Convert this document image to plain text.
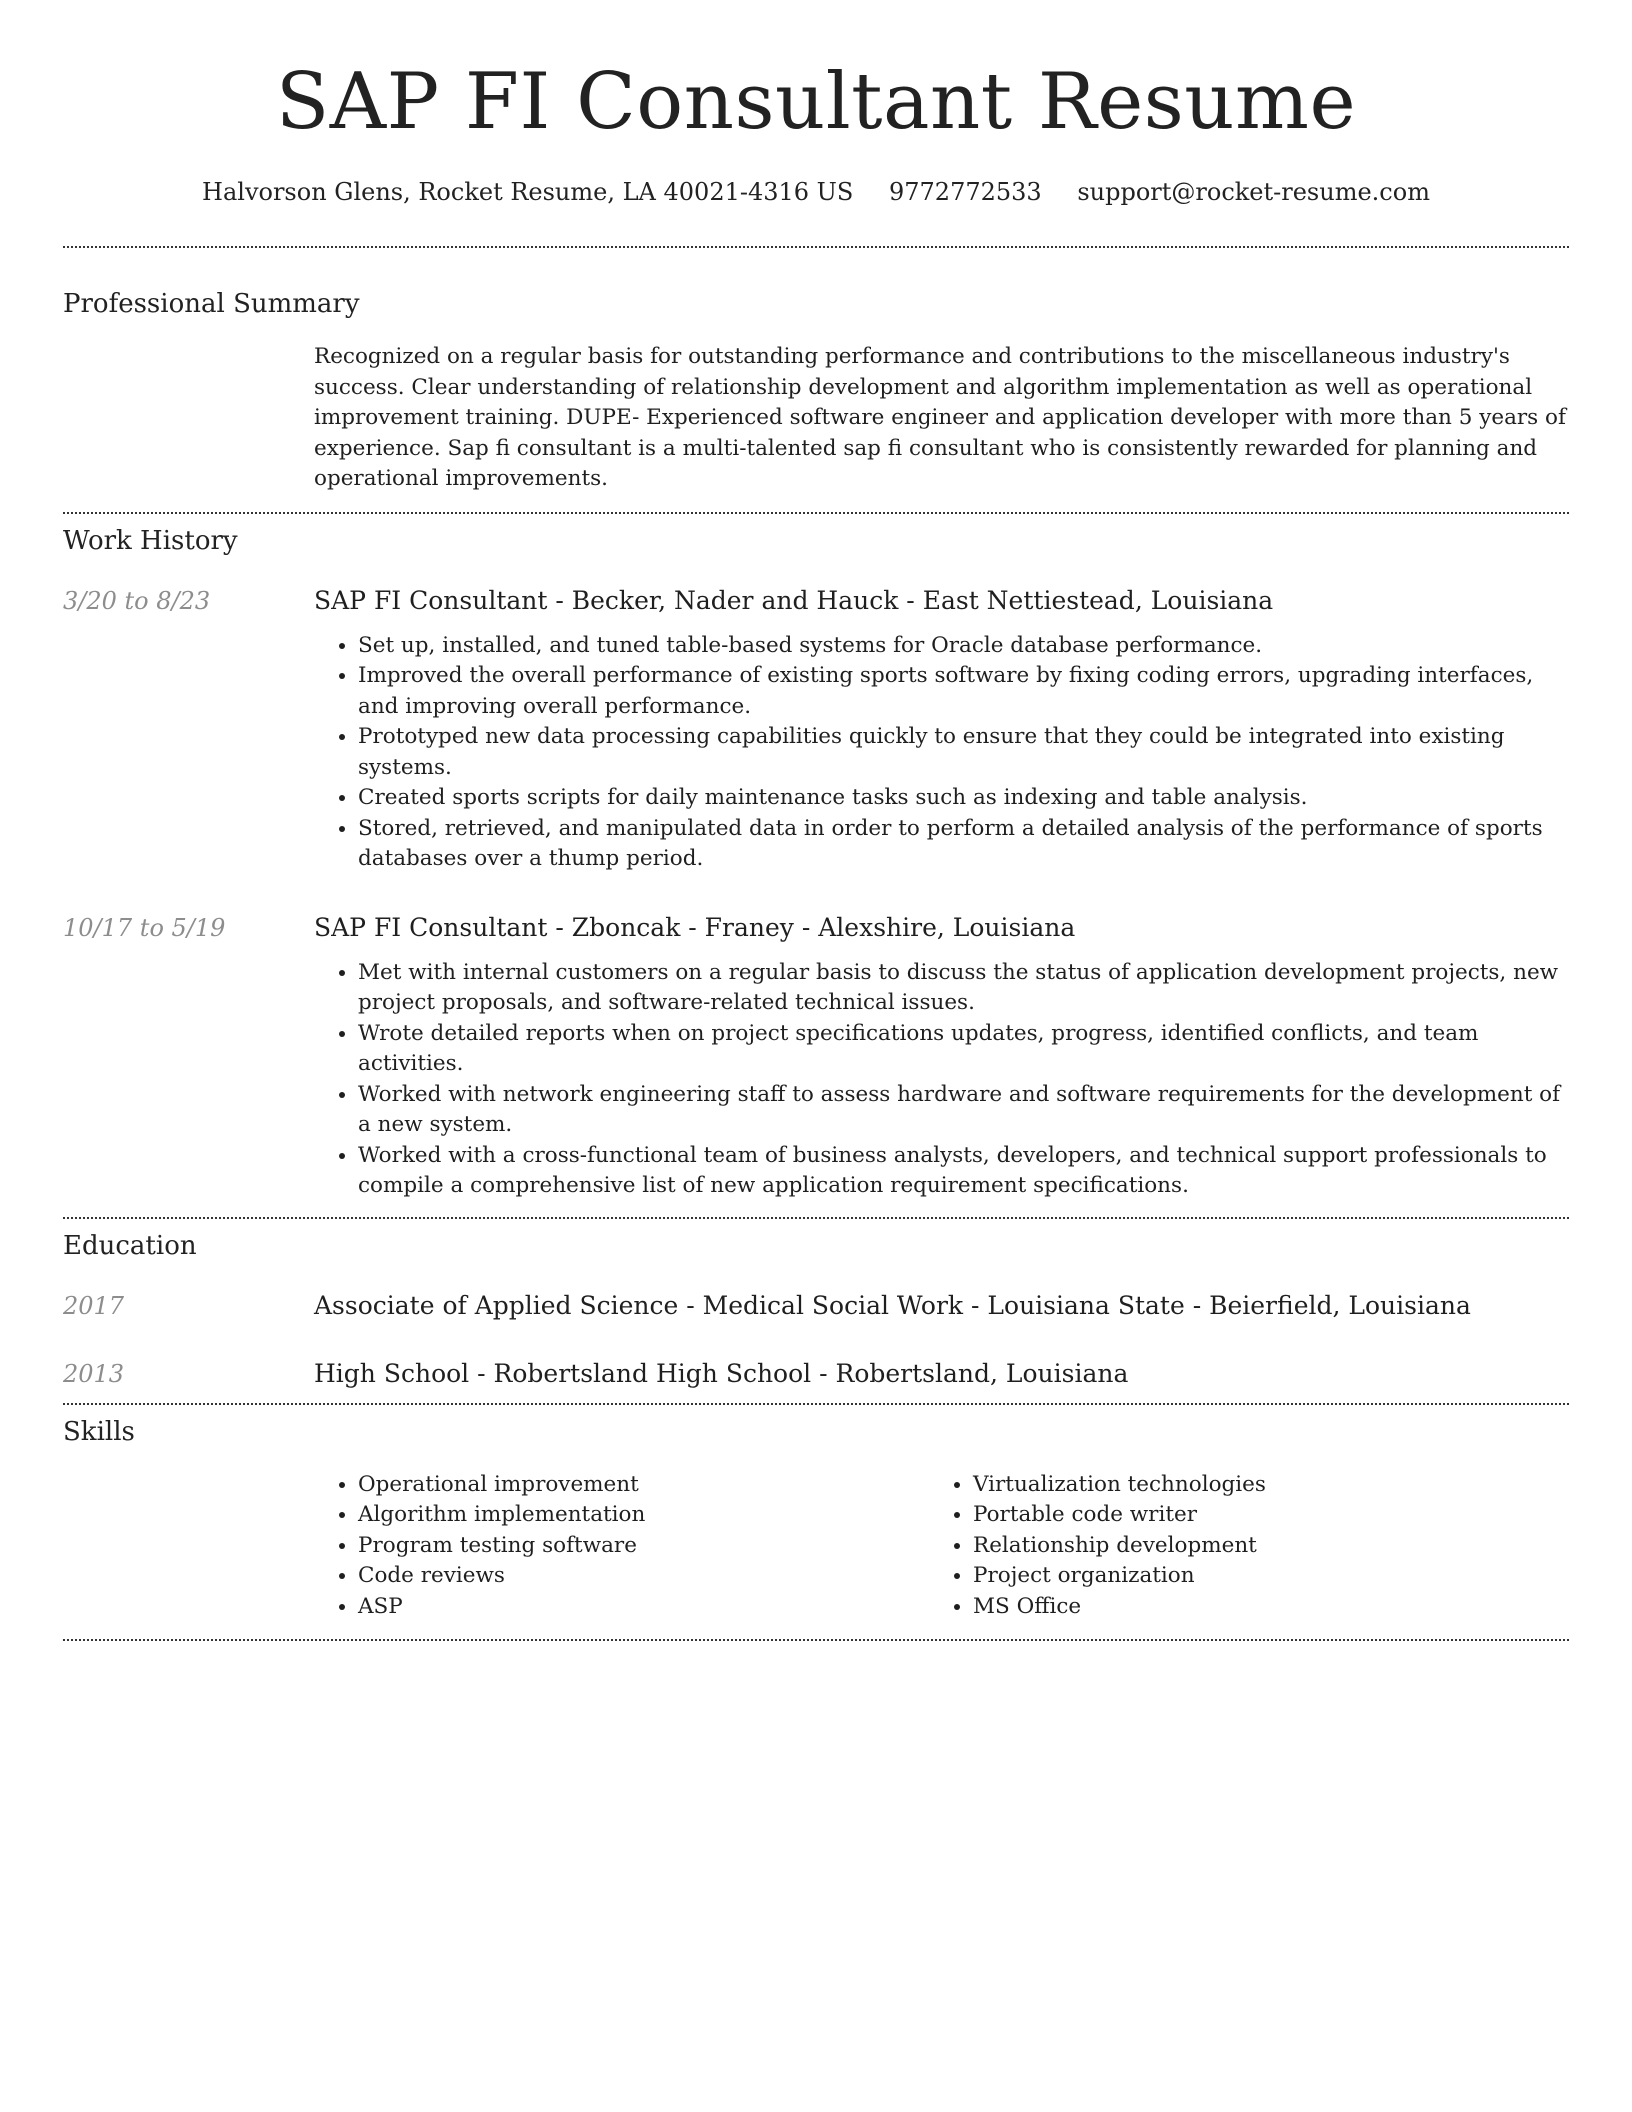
SAP FI Consultant Resume
Halvorson Glens, Rocket Resume, LA 40021-4316 US 9772772533 support@rocket-resume.com
Professional Summary

Recognized on a regular basis for outstanding performance and contributions to the miscellaneous industry's success. Clear understanding of relationship development and algorithm implementation as well as operational improvement training. DUPE- Experienced software engineer and application developer with more than 5 years of experience. Sap fi consultant is a multi-talented sap fi consultant who is consistently rewarded for planning and operational improvements.

Work History
3/20 to 8/23	SAP FI Consultant - Becker, Nader and Hauck - East Nettiestead, Louisiana
• Set up, installed, and tuned table-based systems for Oracle database performance.
• Improved the overall performance of existing sports software by fixing coding errors, upgrading interfaces, and improving overall performance.
• Prototyped new data processing capabilities quickly to ensure that they could be integrated into existing systems.
• Created sports scripts for daily maintenance tasks such as indexing and table analysis.
• Stored, retrieved, and manipulated data in order to perform a detailed analysis of the performance of sports databases over a thump period.
10/17 to 5/19	SAP FI Consultant - Zboncak - Franey - Alexshire, Louisiana
• Met with internal customers on a regular basis to discuss the status of application development projects, new project proposals, and software-related technical issues.
• Wrote detailed reports when on project specifications updates, progress, identified conflicts, and team activities.
• Worked with network engineering staff to assess hardware and software requirements for the development of a new system.
• Worked with a cross-functional team of business analysts, developers, and technical support professionals to compile a comprehensive list of new application requirement specifications.
Education
2017	Associate of Applied Science - Medical Social Work - Louisiana State - Beierfield, Louisiana
2013	High School - Robertsland High School - Robertsland, Louisiana
Skills
• Operational improvement
• Algorithm implementation
• Program testing software
• Code reviews
• ASP
• Virtualization technologies
• Portable code writer
• Relationship development
• Project organization
• MS Office
